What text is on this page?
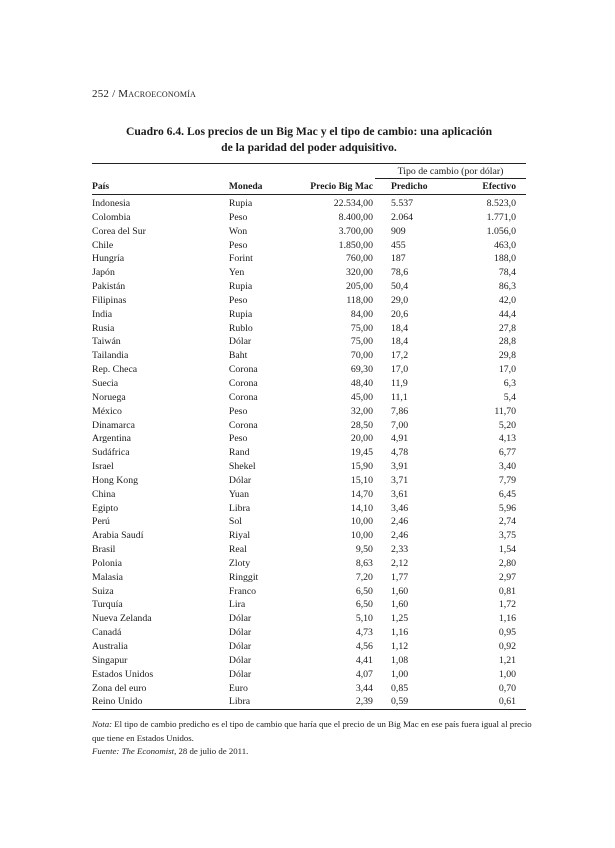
252 / Macroeconomía
Cuadro 6.4. Los precios de un Big Mac y el tipo de cambio: una aplicación
de la paridad del poder adquisitivo.
			Tipo de cambio (por dólar)	
País	Moneda	Precio Big Mac	Predicho	Efectivo
Indonesia	Rupia	22.534,00	5.537	8.523,0
Colombia	Peso	8.400,00	2.064	1.771,0
Corea del Sur	Won	3.700,00	909	1.056,0
Chile	Peso	1.850,00	455	463,0
Hungría	Forint	760,00	187	188,0
Japón	Yen	320,00	78,6	78,4
Pakistán	Rupia	205,00	50,4	86,3
Filipinas	Peso	118,00	29,0	42,0
India	Rupia	84,00	20,6	44,4
Rusia	Rublo	75,00	18,4	27,8
Taiwán	Dólar	75,00	18,4	28,8
Tailandia	Baht	70,00	17,2	29,8
Rep. Checa	Corona	69,30	17,0	17,0
Suecia	Corona	48,40	11,9	6,3
Noruega	Corona	45,00	11,1	5,4
México	Peso	32,00	7,86	11,70
Dinamarca	Corona	28,50	7,00	5,20
Argentina	Peso	20,00	4,91	4,13
Sudáfrica	Rand	19,45	4,78	6,77
Israel	Shekel	15,90	3,91	3,40
Hong Kong	Dólar	15,10	3,71	7,79
China	Yuan	14,70	3,61	6,45
Egipto	Libra	14,10	3,46	5,96
Perú	Sol	10,00	2,46	2,74
Arabia Saudí	Riyal	10,00	2,46	3,75
Brasil	Real	9,50	2,33	1,54
Polonia	Zloty	8,63	2,12	2,80
Malasia	Ringgit	7,20	1,77	2,97
Suiza	Franco	6,50	1,60	0,81
Turquía	Lira	6,50	1,60	1,72
Nueva Zelanda	Dólar	5,10	1,25	1,16
Canadá	Dólar	4,73	1,16	0,95
Australia	Dólar	4,56	1,12	0,92
Singapur	Dólar	4,41	1,08	1,21
Estados Unidos	Dólar	4,07	1,00	1,00
Zona del euro	Euro	3,44	0,85	0,70
Reino Unido	Libra	2,39	0,59	0,61
Nota: El tipo de cambio predicho es el tipo de cambio que haría que el precio de un Big Mac en ese país fuera igual al precio que tiene en Estados Unidos.
Fuente: The Economist, 28 de julio de 2011.
